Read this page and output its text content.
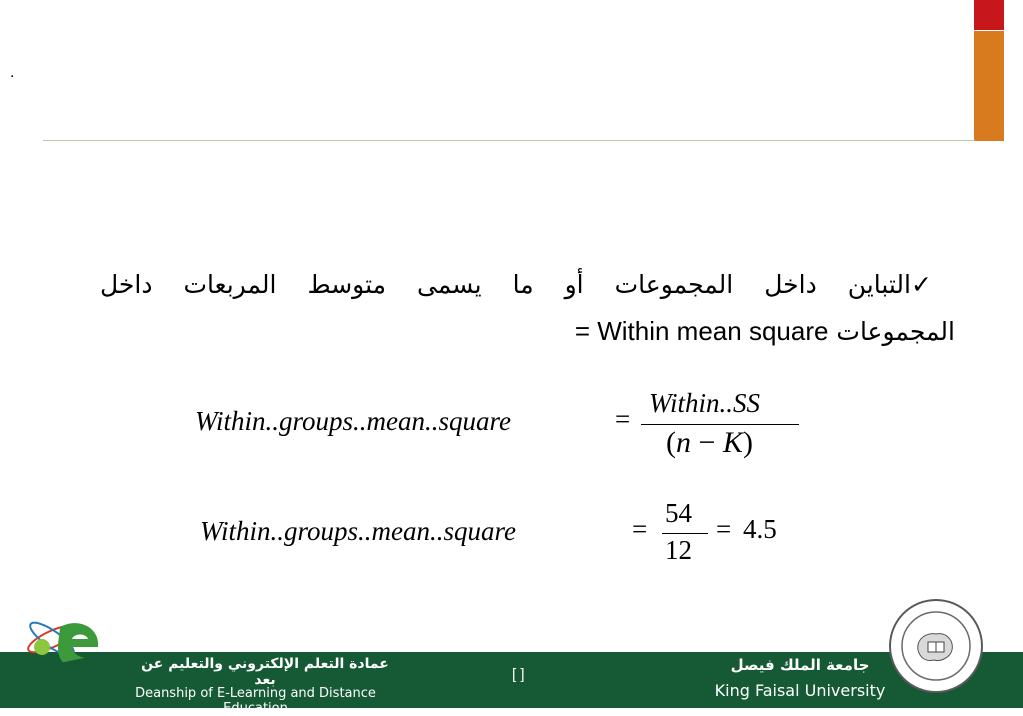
.
✓التباين داخل المجموعات أو ما يسمى متوسط المربعات داخل
المجموعات = Within mean square
Within..groups..mean..square	=
Within..SS
(n − K)
Within..groups..mean..square	=
54
12
= 4.5
عمادة التعلم الإلكتروني والتعليم عن بعد
Deanship of E-Learning and Distance Education
[ ]
جامعة الملك فيصل
King Faisal University
